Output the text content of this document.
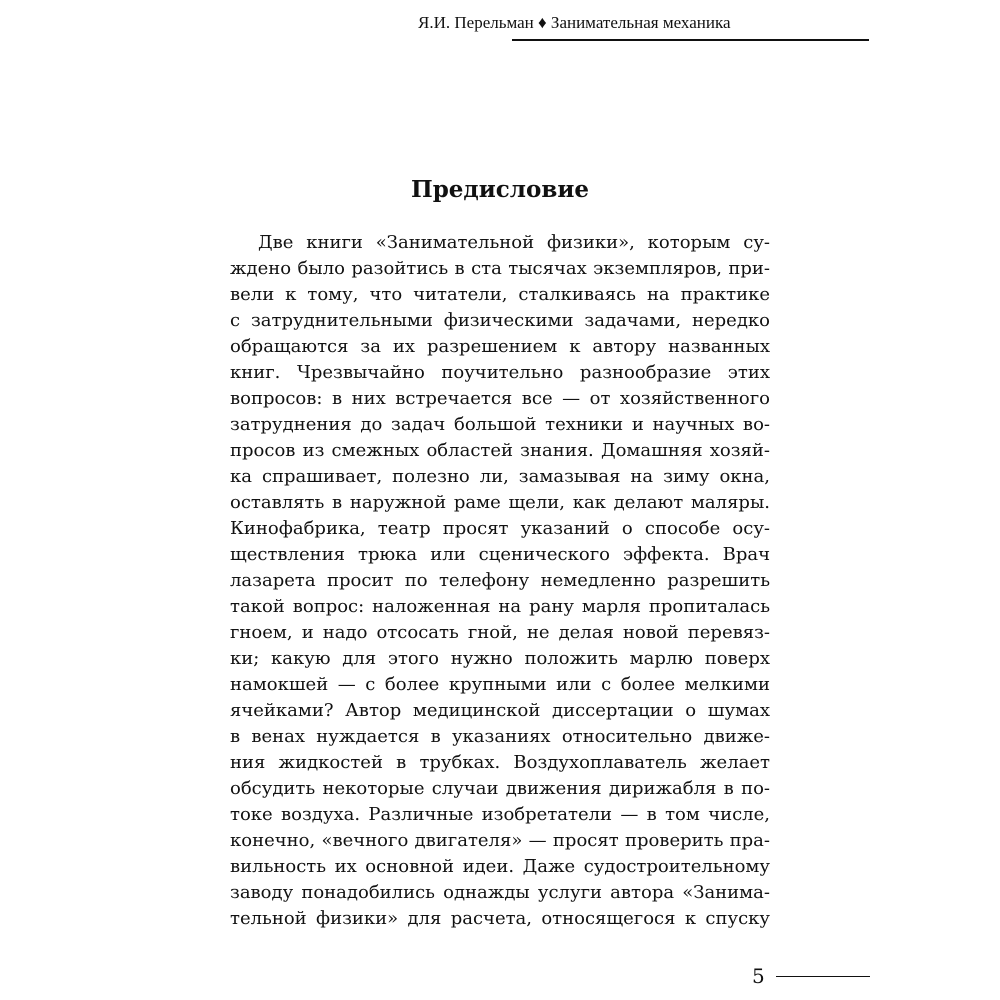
Я.И. Перельман ♦ Занимательная механика
Предисловие
Две книги «Занимательной физики», которым су-
ждено было разойтись в ста тысячах экземпляров, при-
вели к тому, что читатели, сталкиваясь на практике
с затруднительными физическими задачами, нередко
обращаются за их разрешением к автору названных
книг. Чрезвычайно поучительно разнообразие этих
вопросов: в них встречается все — от хозяйственного
затруднения до задач большой техники и научных во-
просов из смежных областей знания. Домашняя хозяй-
ка спрашивает, полезно ли, замазывая на зиму окна,
оставлять в наружной раме щели, как делают маляры.
Кинофабрика, театр просят указаний о способе осу-
ществления трюка или сценического эффекта. Врач
лазарета просит по телефону немедленно разрешить
такой вопрос: наложенная на рану марля пропиталась
гноем, и надо отсосать гной, не делая новой перевяз-
ки; какую для этого нужно положить марлю поверх
намокшей — с более крупными или с более мелкими
ячейками? Автор медицинской диссертации о шумах
в венах нуждается в указаниях относительно движе-
ния жидкостей в трубках. Воздухоплаватель желает
обсудить некоторые случаи движения дирижабля в по-
токе воздуха. Различные изобретатели — в том числе,
конечно, «вечного двигателя» — просят проверить пра-
вильность их основной идеи. Даже судостроительному
заводу понадобились однажды услуги автора «Занима-
тельной физики» для расчета, относящегося к спуску
5
